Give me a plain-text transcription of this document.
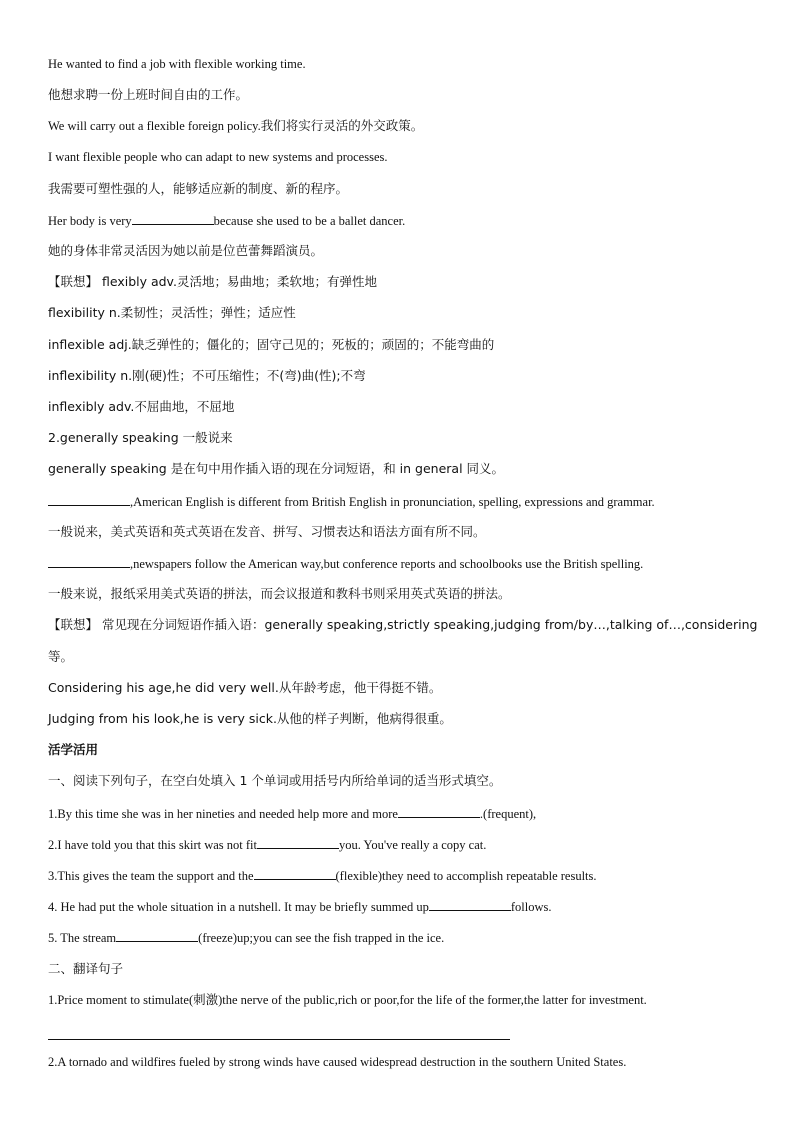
He wanted to find a job with flexible working time.
他想求聘一份上班时间自由的工作。
We will carry out a flexible foreign policy.我们将实行灵活的外交政策。
I want flexible people who can adapt to new systems and processes.
我需要可塑性强的人，能够适应新的制度、新的程序。
Her body is very	because she used to be a ballet dancer.
她的身体非常灵活因为她以前是位芭蕾舞蹈演员。
【联想】 flexibly adv.灵活地；易曲地；柔软地；有弹性地
flexibility n.柔韧性；灵活性；弹性；适应性
inflexible adj.缺乏弹性的；僵化的；固守己见的；死板的；顽固的；不能弯曲的
inflexibility n.刚(硬)性；不可压缩性；不(弯)曲(性);不弯
inflexibly adv.不屈曲地，不屈地
2.generally speaking 一般说来
generally speaking 是在句中用作插入语的现在分词短语，和 in general 同义。
,American English is different from British English in pronunciation, spelling, expressions and grammar.
一般说来，美式英语和英式英语在发音、拼写、习惯表达和语法方面有所不同。
,newspapers follow the American way,but conference reports and schoolbooks use the British spelling.
一般来说，报纸采用美式英语的拼法，而会议报道和教科书则采用英式英语的拼法。
【联想】 常见现在分词短语作插入语：generally speaking,strictly speaking,judging from/by…,talking of…,considering
等。
Considering his age,he did very well.从年龄考虑，他干得挺不错。
Judging from his look,he is very sick.从他的样子判断，他病得很重。
活学活用
一、阅读下列句子，在空白处填入 1 个单词或用括号内所给单词的适当形式填空。
1.By this time she was in her nineties and needed help more and more	.(frequent),
2.I have told you that this skirt was not fit	you. You've really a copy cat.
3.This gives the team the support and the	(flexible)they need to accomplish repeatable results.
4. He had put the whole situation in a nutshell. It may be briefly summed up	follows.
5. The stream	(freeze)up;you can see the fish trapped in the ice.
二、翻译句子
1.Price moment to stimulate(刺激)the nerve of the public,rich or poor,for the life of the former,the latter for investment.
2.A tornado and wildfires fueled by strong winds have caused widespread destruction in the southern United States.
